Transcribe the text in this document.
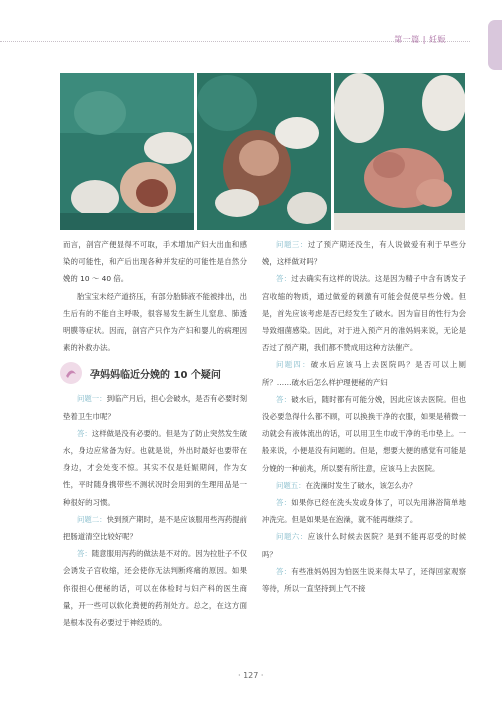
第一篇 | 妊娠

而言，剖宫产便显得不可取，手术增加产妇大出血和感染的可能性，和产后出现各种并发症的可能性是自然分娩的 10 ～ 40 倍。

胎宝宝未经产道挤压，有部分胎肺液不能被排出，出生后有的不能自主呼吸，很容易发生新生儿窒息、肺透明膜等症状。因而，剖宫产只作为产妇和婴儿的病理因素的补救办法。

问题一：到临产月后，担心会破水，是否有必要时刻垫着卫生巾呢？

答：这样做是没有必要的。但是为了防止突然发生破水，身边应常备为好。也就是说，外出时最好也要带在身边，才会处变不惊。其实不仅是妊娠期间，作为女性，平时随身携带些不测状况时会用到的生理用品是一种很好的习惯。

问题二：快到预产期时，是不是应该服用些泻药提前把肠道清空比较好呢？

答：随意服用泻药的做法是不对的。因为拉肚子不仅会诱发子宫收缩，还会使你无法判断疼痛的原因。如果你很担心便秘的话，可以在体检时与妇产科的医生商量，开一些可以软化粪便的药剂处方。总之，在这方面是根本没有必要过于神经质的。

孕妈妈临近分娩的 10 个疑问

问题三：过了预产期还没生，有人说做爱有利于早些分娩，这样做对吗？

答：过去确实有这样的说法。这是因为精子中含有诱发子宫收缩的物质，通过做爱的刺激有可能会促使早些分娩。但是，首先应该考虑是否已经发生了破水。因为盲目的性行为会导致细菌感染。因此，对于进入预产月的准妈妈来说，无论是否过了预产期，我们都不赞成用这种方法催产。

问题四：破水后应该马上去医院吗？是否可以上厕所？……破水后怎么样护理便秘的产妇

答：破水后，随时都有可能分娩，因此应该去医院。但也没必要急得什么都不顾，可以换换干净的衣服，如果是稍微一动就会有液体流出的话，可以用卫生巾或干净的毛巾垫上。一般来说，小便是没有问题的。但是，想要大便的感觉有可能是分娩的一种前兆，所以要有所注意，应该马上去医院。

问题五：在洗澡时发生了破水，该怎么办？

答：如果你已经在洗头发或身体了，可以先用淋浴简单地冲洗完。但是如果是在泡澡，就不能再继续了。

问题六：应该什么时候去医院？是到不能再忍受的时候吗？

答：有些准妈妈因为怕医生说来得太早了，还得回家观察等待，所以一直坚持到上气不接

· 127 ·
